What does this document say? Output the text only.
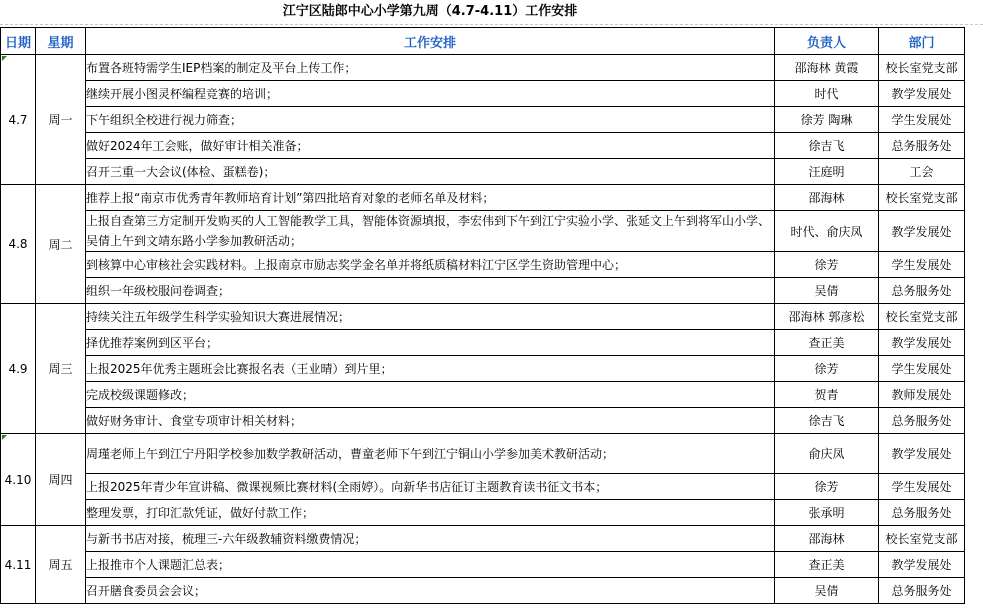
江宁区陆郎中心小学第九周（4.7-4.11）工作安排
日期	星期	工作安排	负责人	部门
4.7	周一	布置各班特需学生IEP档案的制定及平台上传工作；	邵海林 黄霞	校长室党支部
		继续开展小图灵杯编程竞赛的培训；	时代	教学发展处
		下午组织全校进行视力筛查；	徐芳 陶琳	学生发展处
		做好2024年工会账，做好审计相关准备；	徐吉飞	总务服务处
		召开三重一大会议(体检、蛋糕卷)；	汪庭明	工会
4.8	周二	推荐上报“南京市优秀青年教师培育计划”第四批培育对象的老师名单及材料；	邵海林	校长室党支部
		上报自查第三方定制开发购买的人工智能教学工具，智能体资源填报，李宏伟到下午到江宁实验小学、张延文上午到将军山小学、吴倩上午到文靖东路小学参加教研活动；	时代、俞庆凤	教学发展处
		到核算中心审核社会实践材料。上报南京市励志奖学金名单并将纸质稿材料江宁区学生资助管理中心；	徐芳	学生发展处
		组织一年级校服问卷调查；	吴倩	总务服务处
4.9	周三	持续关注五年级学生科学实验知识大赛进展情况；	邵海林 郭彦松	校长室党支部
		择优推荐案例到区平台；	查正美	教学发展处
		上报2025年优秀主题班会比赛报名表（王业晴）到片里；	徐芳	学生发展处
		完成校级课题修改；	贺青	教师发展处
		做好财务审计、食堂专项审计相关材料；	徐吉飞	总务服务处
4.10	周四	周瑾老师上午到江宁丹阳学校参加数学教研活动，曹童老师下午到江宁铜山小学参加美术教研活动；	俞庆凤	教学发展处
		上报2025年青少年宣讲稿、微课视频比赛材料(全雨婷）。向新华书店征订主题教育读书征文书本；	徐芳	学生发展处
		整理发票，打印汇款凭证，做好付款工作；	张承明	总务服务处
4.11	周五	与新书书店对接，梳理三-六年级教辅资料缴费情况；	邵海林	校长室党支部
		上报推市个人课题汇总表；	查正美	教学发展处
		召开膳食委员会会议；	吴倩	总务服务处
